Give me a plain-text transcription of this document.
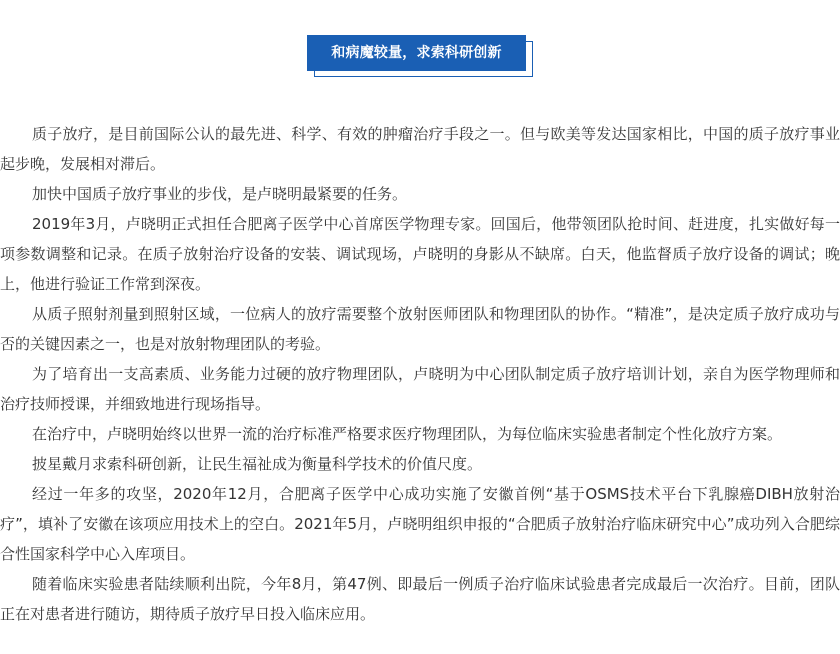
和病魔较量，求索科研创新

质子放疗，是目前国际公认的最先进、科学、有效的肿瘤治疗手段之一。但与欧美等发达国家相比，中国的质子放疗事业起步晚，发展相对滞后。

加快中国质子放疗事业的步伐，是卢晓明最紧要的任务。

2019年3月，卢晓明正式担任合肥离子医学中心首席医学物理专家。回国后，他带领团队抢时间、赶进度，扎实做好每一项参数调整和记录。在质子放射治疗设备的安装、调试现场，卢晓明的身影从不缺席。白天，他监督质子放疗设备的调试；晚上，他进行验证工作常到深夜。

从质子照射剂量到照射区域，一位病人的放疗需要整个放射医师团队和物理团队的协作。“精准”，是决定质子放疗成功与否的关键因素之一，也是对放射物理团队的考验。

为了培育出一支高素质、业务能力过硬的放疗物理团队，卢晓明为中心团队制定质子放疗培训计划，亲自为医学物理师和治疗技师授课，并细致地进行现场指导。

在治疗中，卢晓明始终以世界一流的治疗标准严格要求医疗物理团队，为每位临床实验患者制定个性化放疗方案。

披星戴月求索科研创新，让民生福祉成为衡量科学技术的价值尺度。

经过一年多的攻坚，2020年12月，合肥离子医学中心成功实施了安徽首例“基于OSMS技术平台下乳腺癌DIBH放射治疗”，填补了安徽在该项应用技术上的空白。2021年5月，卢晓明组织申报的“合肥质子放射治疗临床研究中心”成功列入合肥综合性国家科学中心入库项目。

随着临床实验患者陆续顺利出院，今年8月，第47例、即最后一例质子治疗临床试验患者完成最后一次治疗。目前，团队正在对患者进行随访，期待质子放疗早日投入临床应用。
